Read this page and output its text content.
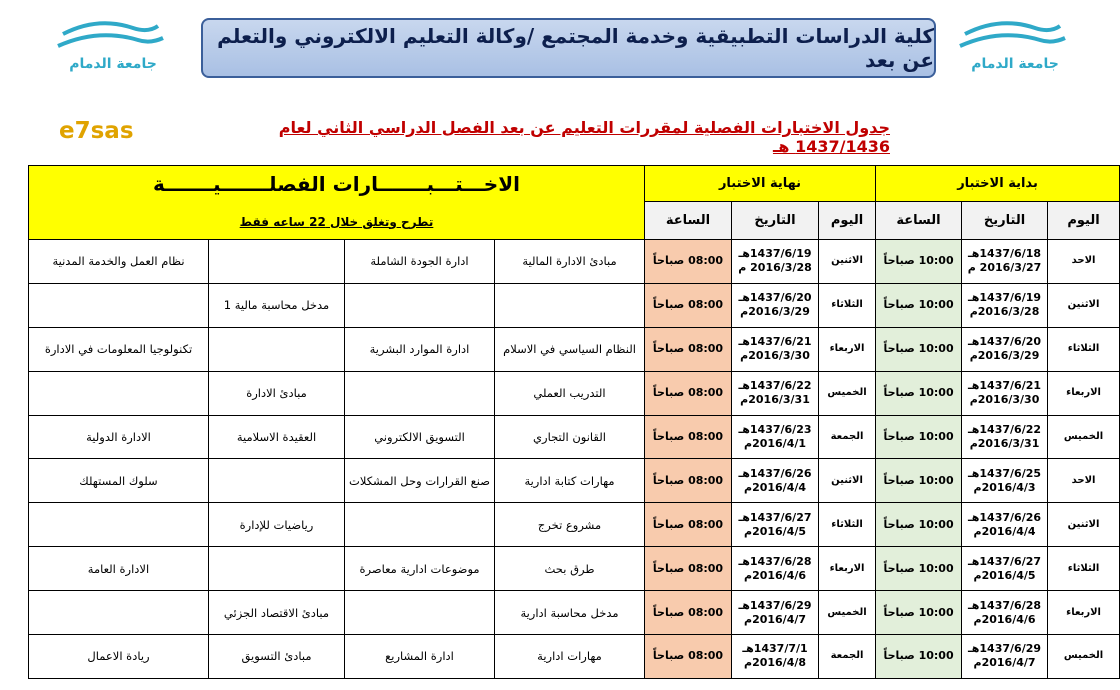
جامعة الدمام	جامعة الدمام
كلية الدراسات التطبيقية وخدمة المجتمع /وكالة التعليم الالكتروني والتعلم عن بعد
e7sas	جدول الاختبارات الفصلية لمقررات التعليم عن بعد الفصل الدراسي الثاني لعام 1437/1436 هـ
بداية الاختبار			نهاية الاختبار			الاخـــتـــبـــــــارات الفصلـــــــيـــــــة
تطرح وتغلق خلال 22 ساعه فقط			

اليوم	التاريخ	الساعة	اليوم	التاريخ	الساعة				
الاحد	1437/6/18هـ 2016/3/27 م	10:00 صباحاً	الاثنين	1437/6/19هـ 2016/3/28 م	08:00 صباحاً	مبادئ الادارة المالية	ادارة الجودة الشاملة		نظام العمل والخدمة المدنية
الاثنين	1437/6/19هـ 2016/3/28م	10:00 صباحاً	الثلاثاء	1437/6/20هـ 2016/3/29م	08:00 صباحاً			مدخل محاسبة مالية 1	
الثلاثاء	1437/6/20هـ 2016/3/29م	10:00 صباحاً	الاربعاء	1437/6/21هـ 2016/3/30م	08:00 صباحاً	النظام السياسي في الاسلام	ادارة الموارد البشرية		تكنولوجيا المعلومات في الادارة
الاربعاء	1437/6/21هـ 2016/3/30م	10:00 صباحاً	الخميس	1437/6/22هـ 2016/3/31م	08:00 صباحاً	التدريب العملي		مبادئ الادارة	
الخميس	1437/6/22هـ 2016/3/31م	10:00 صباحاً	الجمعة	1437/6/23هـ 2016/4/1م	08:00 صباحاً	القانون التجاري	التسويق الالكتروني	العقيدة الاسلامية	الادارة الدولية
الاحد	1437/6/25هـ 2016/4/3م	10:00 صباحاً	الاثنين	1437/6/26هـ 2016/4/4م	08:00 صباحاً	مهارات كتابة ادارية	صنع القرارات وحل المشكلات		سلوك المستهلك
الاثنين	1437/6/26هـ 2016/4/4م	10:00 صباحاً	الثلاثاء	1437/6/27هـ 2016/4/5م	08:00 صباحاً	مشروع تخرج		رياضيات للإدارة	
الثلاثاء	1437/6/27هـ 2016/4/5م	10:00 صباحاً	الاربعاء	1437/6/28هـ 2016/4/6م	08:00 صباحاً	طرق بحث	موضوعات ادارية معاصرة		الادارة العامة
الاربعاء	1437/6/28هـ 2016/4/6م	10:00 صباحاً	الخميس	1437/6/29هـ 2016/4/7م	08:00 صباحاً	مدخل محاسبة ادارية		مبادئ الاقتصاد الجزئي	
الخميس	1437/6/29هـ 2016/4/7م	10:00 صباحاً	الجمعة	1437/7/1هـ 2016/4/8م	08:00 صباحاً	مهارات ادارية	ادارة المشاريع	مبادئ التسويق	ريادة الاعمال
